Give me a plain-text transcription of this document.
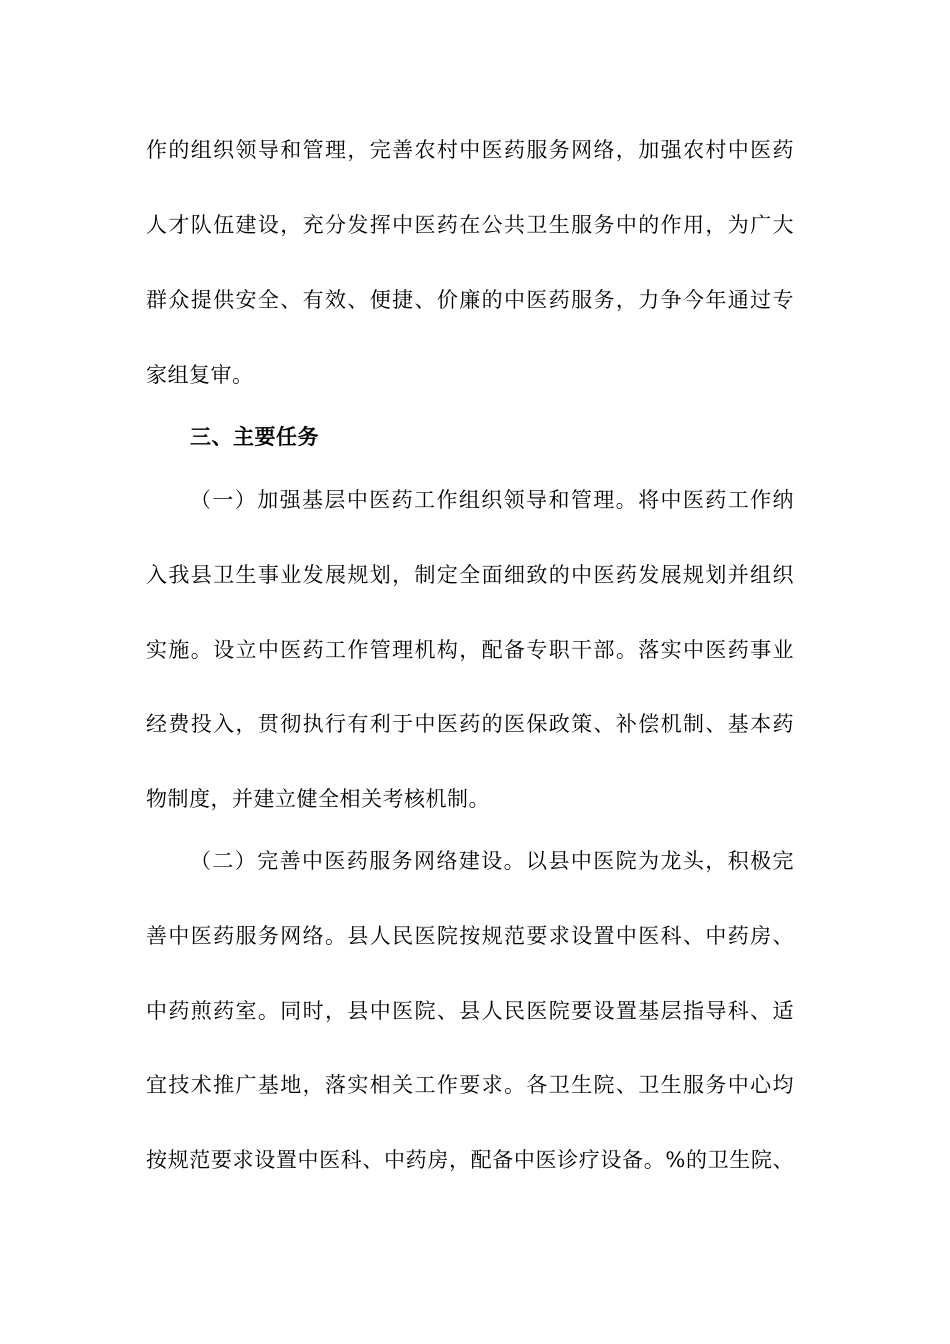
作的组织领导和管理，完善农村中医药服务网络，加强农村中医药
人才队伍建设，充分发挥中医药在公共卫生服务中的作用，为广大
群众提供安全、有效、便捷、价廉的中医药服务，力争今年通过专
家组复审。
三、主要任务
（一）加强基层中医药工作组织领导和管理。将中医药工作纳
入我县卫生事业发展规划，制定全面细致的中医药发展规划并组织
实施。设立中医药工作管理机构，配备专职干部。落实中医药事业
经费投入，贯彻执行有利于中医药的医保政策、补偿机制、基本药
物制度，并建立健全相关考核机制。
（二）完善中医药服务网络建设。以县中医院为龙头，积极完
善中医药服务网络。县人民医院按规范要求设置中医科、中药房、
中药煎药室。同时，县中医院、县人民医院要设置基层指导科、适
宜技术推广基地，落实相关工作要求。各卫生院、卫生服务中心均
按规范要求设置中医科、中药房，配备中医诊疗设备。%的卫生院、
